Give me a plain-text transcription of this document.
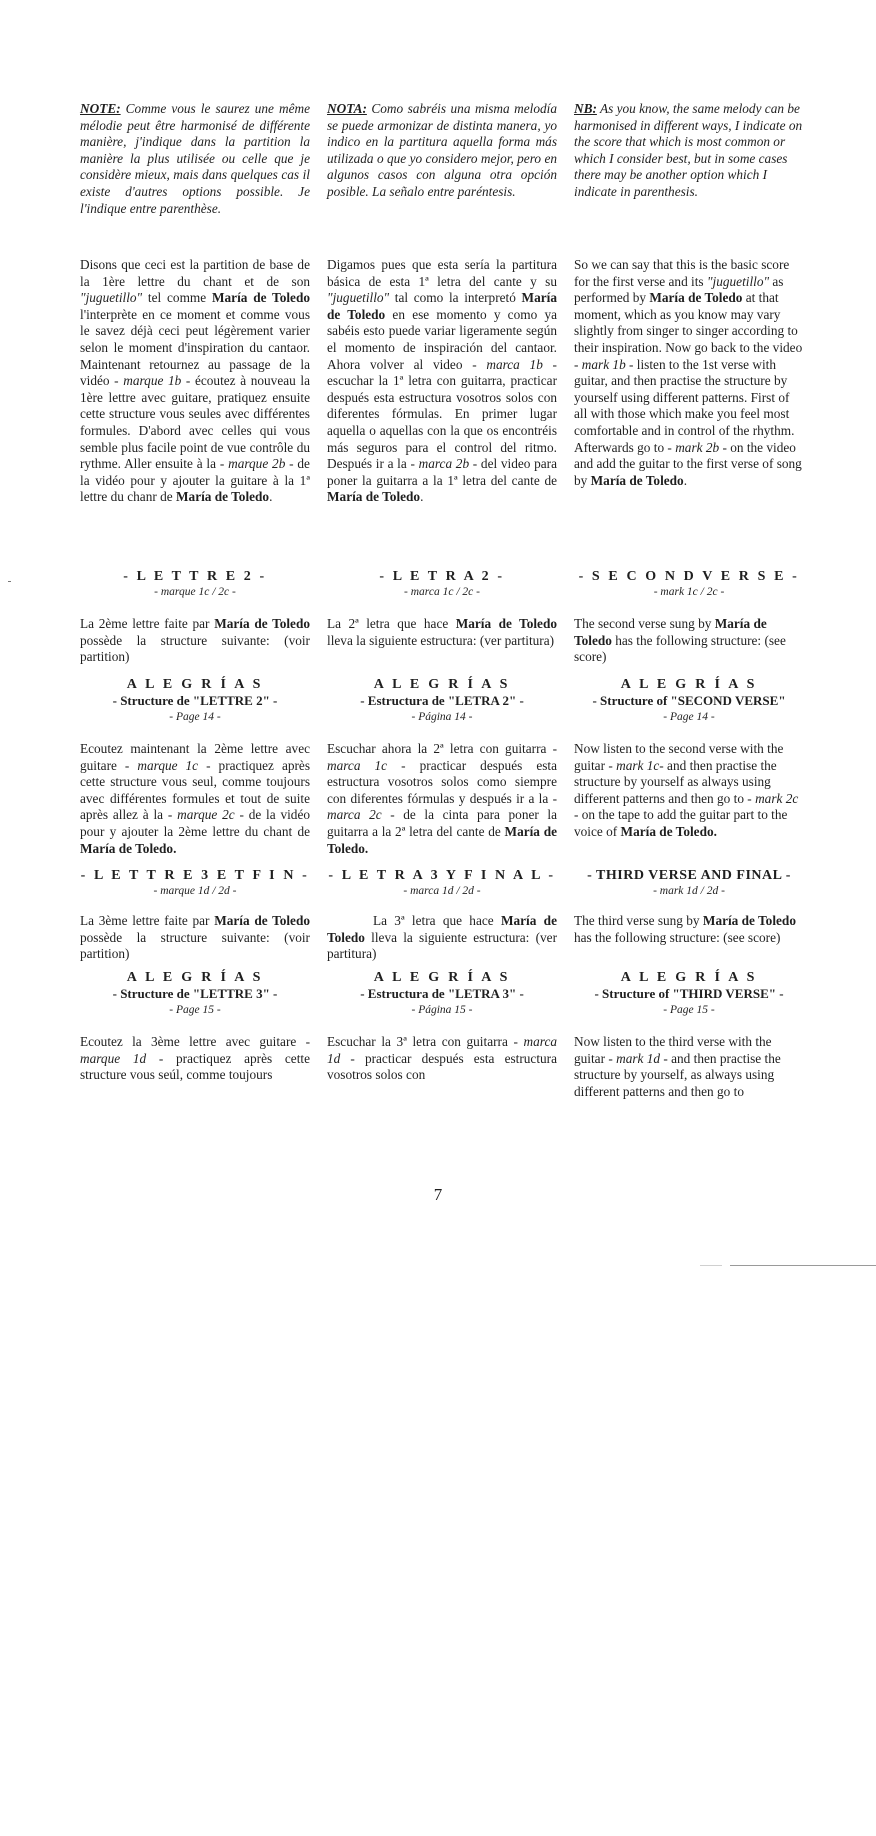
NOTE: Comme vous le saurez une même mélodie peut être harmonisé de différente manière, j'indique dans la partition la manière la plus utilisée ou celle que je considère mieux, mais dans quelques cas il existe d'autres options possible. Je l'indique entre parenthèse.

Disons que ceci est la partition de base de la 1ère lettre du chant et de son "juguetillo" tel comme María de Toledo l'interprète en ce moment et comme vous le savez déjà ceci peut légèrement varier selon le moment d'inspiration du cantaor. Maintenant retournez au passage de la vidéo - marque 1b - écoutez à nouveau la 1ère lettre avec guitare, pratiquez ensuite cette structure vous seules avec différentes formules. D'abord avec celles qui vous semble plus facile point de vue contrôle du rythme. Aller ensuite à la - marque 2b - de la vidéo pour y ajouter la guitare à la 1ª lettre du chanr de María de Toledo.

- L E T T R E 2 -
- marque 1c / 2c -

La 2ème lettre faite par María de Toledo possède la structure suivante: (voir partition)

A L E G R Í A S
- Structure de "LETTRE 2" -
- Page 14 -

Ecoutez maintenant la 2ème lettre avec guitare - marque 1c - practiquez après cette structure vous seul, comme toujours avec différentes formules et tout de suite après allez à la - marque 2c - de la vidéo pour y ajouter la 2ème lettre du chant de María de Toledo.

- L E T T R E 3 E T F I N -
- marque 1d / 2d -

La 3ème lettre faite par María de Toledo possède la structure suivante: (voir partition)

A L E G R Í A S
- Structure de "LETTRE 3" -
- Page 15 -

Ecoutez la 3ème lettre avec guitare - marque 1d - practiquez après cette structure vous seúl, comme toujours

NOTA: Como sabréis una misma melodía se puede armonizar de distinta manera, yo indico en la partitura aquella forma más utilizada o que yo considero mejor, pero en algunos casos con alguna otra opción posible. La señalo entre paréntesis.

Digamos pues que esta sería la partitura básica de esta 1ª letra del cante y su "juguetillo" tal como la interpretó María de Toledo en ese momento y como ya sabéis esto puede variar ligeramente según el momento de inspiración del cantaor. Ahora volver al video - marca 1b - escuchar la 1ª letra con guitarra, practicar después esta estructura vosotros solos con diferentes fórmulas. En primer lugar aquella o aquellas con la que os encontréis más seguros para el control del ritmo. Después ir a la - marca 2b - del video para poner la guitarra a la 1ª letra del cante de María de Toledo.

- L E T R A 2 -
- marca 1c / 2c -

La 2ª letra que hace María de Toledo lleva la siguiente estructura: (ver partitura)

A L E G R Í A S
- Estructura de "LETRA 2" -
- Página 14 -

Escuchar ahora la 2ª letra con guitarra - marca 1c - practicar después esta estructura vosotros solos como siempre con diferentes fórmulas y después ir a la - marca 2c - de la cinta para poner la guitarra a la 2ª letra del cante de María de Toledo.

- L E T R A 3 Y F I N A L -
- marca 1d / 2d -

La 3ª letra que hace María de Toledo lleva la siguiente estructura: (ver partitura)

A L E G R Í A S
- Estructura de "LETRA 3" -
- Página 15 -

Escuchar la 3ª letra con guitarra - marca 1d - practicar después esta estructura vosotros solos con

NB: As you know, the same melody can be harmonised in different ways, I indicate on the score that which is most common or which I consider best, but in some cases there may be another option which I indicate in parenthesis.

So we can say that this is the basic score for the first verse and its "juguetillo" as performed by María de Toledo at that moment, which as you know may vary slightly from singer to singer according to their inspiration. Now go back to the video - mark 1b - listen to the 1st verse with guitar, and then practise the structure by yourself using different patterns. First of all with those which make you feel most comfortable and in control of the rhythm. Afterwards go to - mark 2b - on the video and add the guitar to the first verse of song by María de Toledo.

- S E C O N D V E R S E -
- mark 1c / 2c -

The second verse sung by María de Toledo has the following structure: (see score)

A L E G R Í A S
- Structure of "SECOND VERSE"
- Page 14 -

Now listen to the second verse with the guitar - mark 1c- and then practise the structure by yourself as always using different patterns and then go to - mark 2c - on the tape to add the guitar part to the voice of María de Toledo.

- THIRD VERSE AND FINAL -
- mark 1d / 2d -

The third verse sung by María de Toledo has the following structure: (see score)

A L E G R Í A S
- Structure of "THIRD VERSE" -
- Page 15 -

Now listen to the third verse with the guitar - mark 1d - and then practise the structure by yourself, as always using different patterns and then go to

7
